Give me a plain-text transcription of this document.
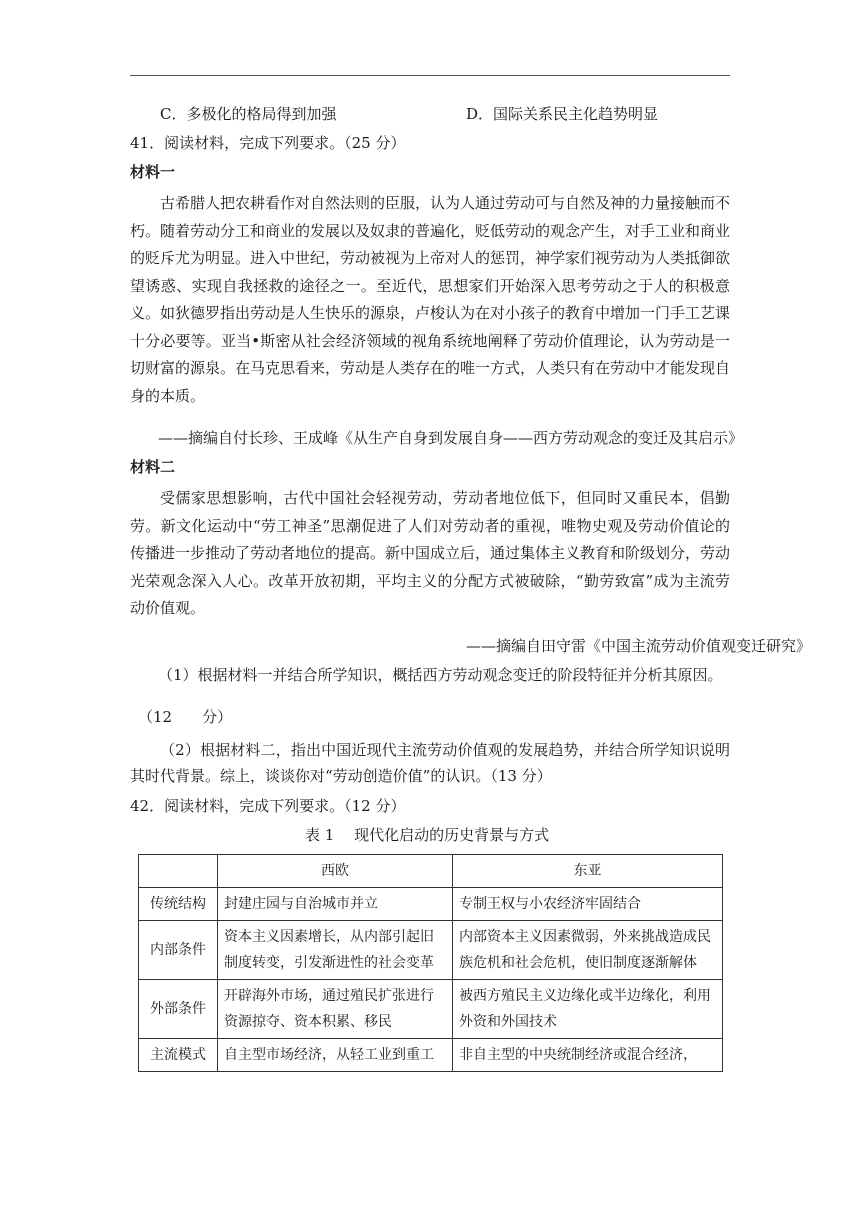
C．多极化的格局得到加强	D．国际关系民主化趋势明显
41．阅读材料，完成下列要求。（25 分）
材料一
古希腊人把农耕看作对自然法则的臣服，认为人通过劳动可与自然及神的力量接触而不朽。随着劳动分工和商业的发展以及奴隶的普遍化，贬低劳动的观念产生，对手工业和商业的贬斥尤为明显。进入中世纪，劳动被视为上帝对人的惩罚，神学家们视劳动为人类抵御欲望诱惑、实现自我拯救的途径之一。至近代，思想家们开始深入思考劳动之于人的积极意义。如狄德罗指出劳动是人生快乐的源泉，卢梭认为在对小孩子的教育中增加一门手工艺课十分必要等。亚当•斯密从社会经济领域的视角系统地阐释了劳动价值理论，认为劳动是一切财富的源泉。在马克思看来，劳动是人类存在的唯一方式，人类只有在劳动中才能发现自身的本质。
——摘编自付长珍、王成峰《从生产自身到发展自身——西方劳动观念的变迁及其启示》
材料二
受儒家思想影响，古代中国社会轻视劳动，劳动者地位低下，但同时又重民本，倡勤劳。新文化运动中“劳工神圣”思潮促进了人们对劳动者的重视，唯物史观及劳动价值论的传播进一步推动了劳动者地位的提高。新中国成立后，通过集体主义教育和阶级划分，劳动光荣观念深入人心。改革开放初期，平均主义的分配方式被破除，“勤劳致富”成为主流劳动价值观。
——摘编自田守雷《中国主流劳动价值观变迁研究》
（1）根据材料一并结合所学知识，概括西方劳动观念变迁的阶段特征并分析其原因。
（12　　分）
（2）根据材料二，指出中国近现代主流劳动价值观的发展趋势，并结合所学知识说明其时代背景。综上，谈谈你对“劳动创造价值”的认识。（13 分）
42．阅读材料，完成下列要求。（12 分）
表 1　 现代化启动的历史背景与方式
	西欧	东亚
传统结构	封建庄园与自治城市并立	专制王权与小农经济牢固结合
内部条件	资本主义因素增长，从内部引起旧制度转变，引发渐进性的社会变革	内部资本主义因素微弱，外来挑战造成民族危机和社会危机，使旧制度逐渐解体
外部条件	开辟海外市场，通过殖民扩张进行资源掠夺、资本积累、移民	被西方殖民主义边缘化或半边缘化，利用外资和外国技术
主流模式	自主型市场经济，从轻工业到重工	非自主型的中央统制经济或混合经济，
